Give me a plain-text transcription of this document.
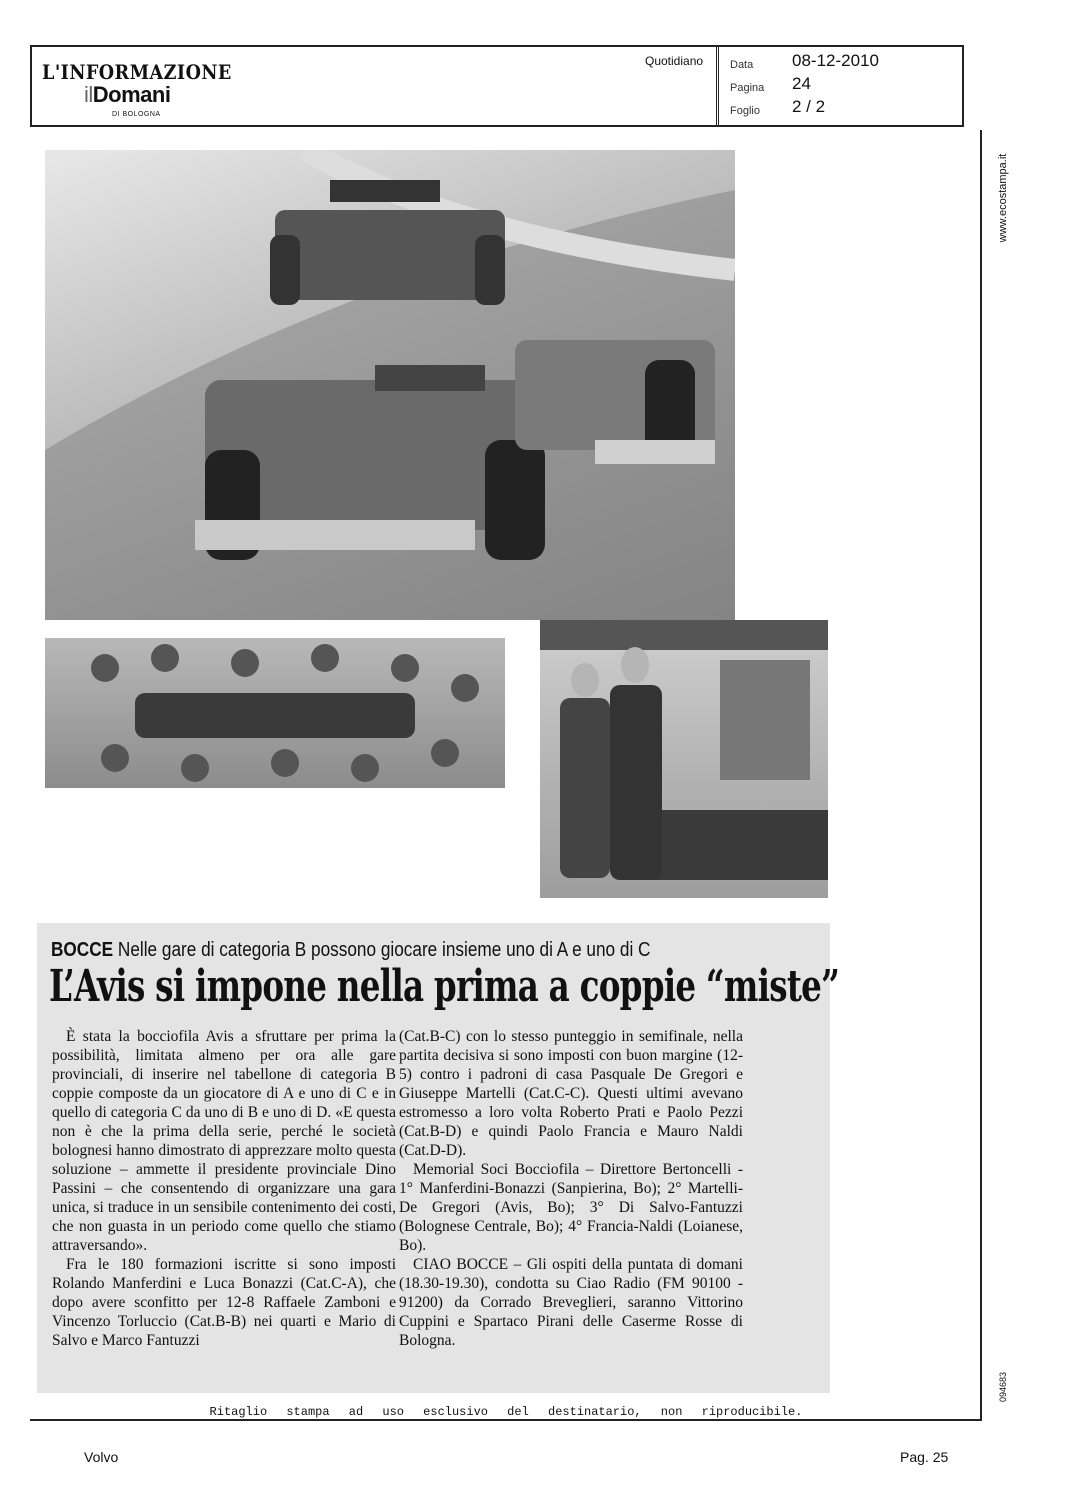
L'INFORMAZIONE
ilDomani
DI BOLOGNA
Quotidiano Data 08-12-2010
Pagina 24
Foglio 2 / 2
www.ecostampa.it
094683
BOCCE Nelle gare di categoria B possono giocare insieme uno di A e uno di C
L’Avis si impone nella prima a coppie “miste”

È stata la bocciofila Avis a sfruttare per prima la possibilità, limitata almeno per ora alle gare provinciali, di inserire nel tabellone di categoria B coppie composte da un giocatore di A e uno di C e in quello di categoria C da uno di B e uno di D. «E questa non è che la prima della serie, perché le società bolognesi hanno dimostrato di apprezzare molto questa soluzione – ammette il presidente provinciale Dino Passini – che consentendo di organizzare una gara unica, si traduce in un sensibile contenimento dei costi, che non guasta in un periodo come quello che stiamo attraversando».

Fra le 180 formazioni iscritte si sono imposti Rolando Manferdini e Luca Bonazzi (Cat.C-A), che dopo avere sconfitto per 12-8 Raffaele Zamboni e Vincenzo Torluccio (Cat.B-B) nei quarti e Mario di Salvo e Marco Fantuzzi

(Cat.B-C) con lo stesso punteggio in semifinale, nella partita decisiva si sono imposti con buon margine (12-5) contro i padroni di casa Pasquale De Gregori e Giuseppe Martelli (Cat.C-C). Questi ultimi avevano estromesso a loro volta Roberto Prati e Paolo Pezzi (Cat.B-D) e quindi Paolo Francia e Mauro Naldi (Cat.D-D).

Memorial Soci Bocciofila – Direttore Bertoncelli - 1° Manferdini-Bonazzi (Sanpierina, Bo); 2° Martelli-De Gregori (Avis, Bo); 3° Di Salvo-Fantuzzi (Bolognese Centrale, Bo); 4° Francia-Naldi (Loianese, Bo).

CIAO BOCCE – Gli ospiti della puntata di domani (18.30-19.30), condotta su Ciao Radio (FM 90100 - 91200) da Corrado Breveglieri, saranno Vittorino Cuppini e Spartaco Pirani delle Caserme Rosse di Bologna.

Ritaglio stampa ad uso esclusivo del destinatario, non riproducibile.
Volvo	Pag. 25
